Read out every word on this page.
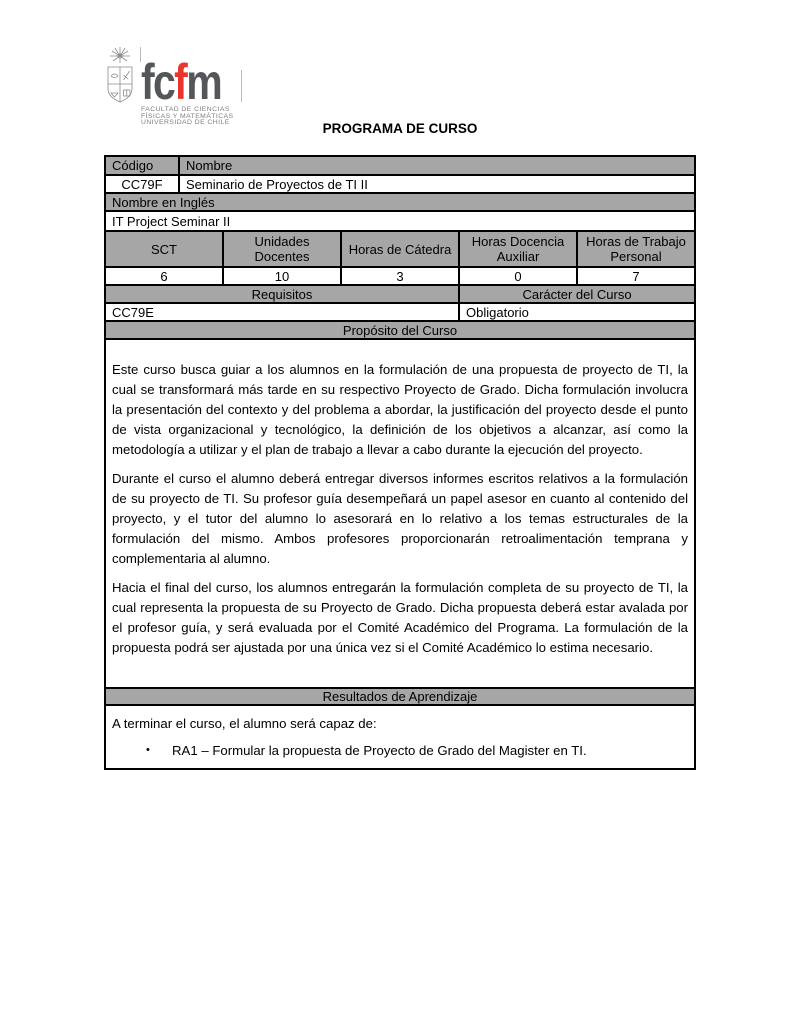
fcfm
FACULTAD DE CIENCIAS
FÍSICAS Y MATEMÁTICAS
UNIVERSIDAD DE CHILE	PROGRAMA DE CURSO
Código	Nombre				
CC79F	Seminario de Proyectos de TI II				
Nombre en Inglés					
IT Project Seminar II					
SCT		Unidades Docentes	Horas de Cátedra	Horas Docencia Auxiliar	Horas de Trabajo Personal
6		10	3	0	7
Requisitos				Carácter del Curso	
CC79E				Obligatorio	
Propósito del Curso					

Este curso busca guiar a los alumnos en la formulación de una propuesta de proyecto de TI, la cual se transformará más tarde en su respectivo Proyecto de Grado. Dicha formulación involucra la presentación del contexto y del problema a abordar, la justificación del proyecto desde el punto de vista organizacional y tecnológico, la definición de los objetivos a alcanzar, así como la metodología a utilizar y el plan de trabajo a llevar a cabo durante la ejecución del proyecto.

Durante el curso el alumno deberá entregar diversos informes escritos relativos a la formulación de su proyecto de TI. Su profesor guía desempeñará un papel asesor en cuanto al contenido del proyecto, y el tutor del alumno lo asesorará en lo relativo a los temas estructurales de la formulación del mismo. Ambos profesores proporcionarán retroalimentación temprana y complementaria al alumno.

Hacia el final del curso, los alumnos entregarán la formulación completa de su proyecto de TI, la cual representa la propuesta de su Proyecto de Grado. Dicha propuesta deberá estar avalada por el profesor guía, y será evaluada por el Comité Académico del Programa. La formulación de la propuesta podrá ser ajustada por una única vez si el Comité Académico lo estima necesario.					

Resultados de Aprendizaje					

A terminar el curso, el alumno será capaz de:
• RA1 – Formular la propuesta de Proyecto de Grado del Magister en TI.					
